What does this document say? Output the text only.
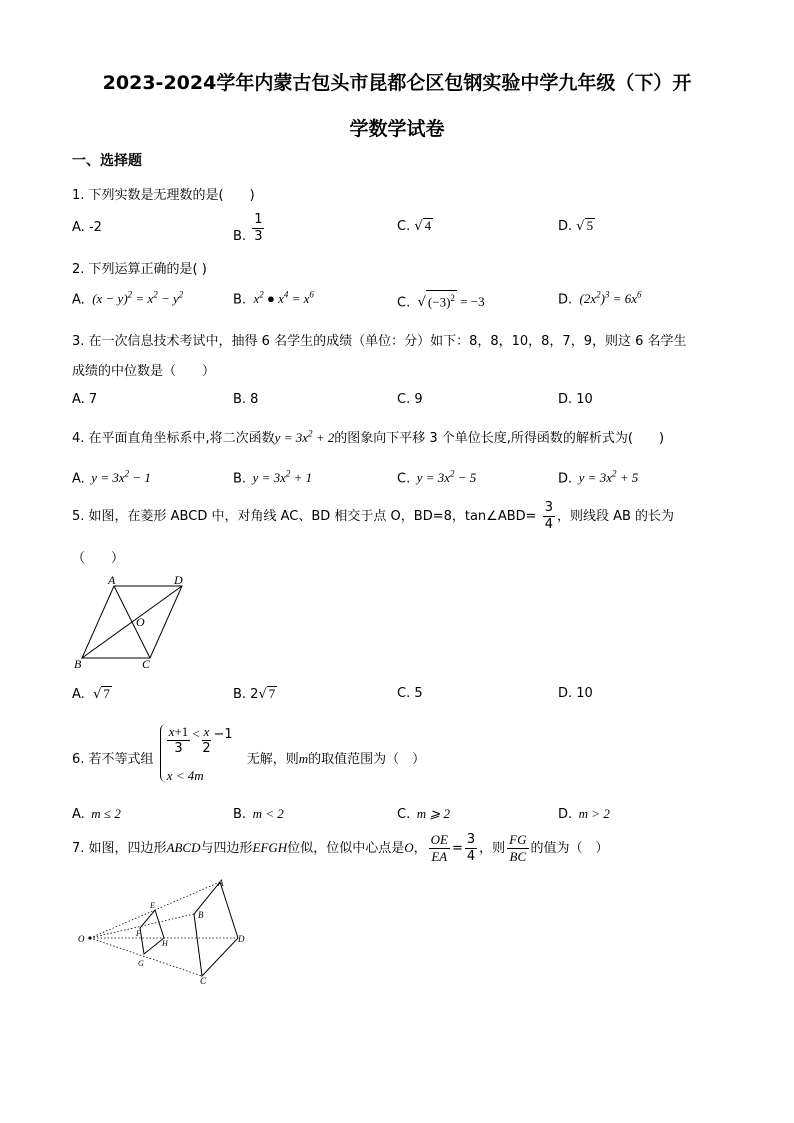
2023-2024学年内蒙古包头市昆都仑区包钢实验中学九年级（下）开
学数学试卷
一、选择题
1. 下列实数是无理数的是(　　)
A. -2
B. $\frac{1}{3}$	C. √ 4	D. √ 5
2. 下列运算正确的是( )
A.  $(x - y)^2 = x^2 - y^2$	B.  $x^2$ ● $x^4 = x^6$
C. √ $(-3)^2 = -3$	D.  $(2x^2)^3 = 6x^6$
3. 在一次信息技术考试中，抽得 6 名学生的成绩（单位：分）如下：8，8，10，8，7，9，则这 6 名学生
成绩的中位数是（　　）
A. 7	B. 8	C. 9	D. 10
4. 在平面直角坐标系中,将二次函数$y = 3x^2 + 2$的图象向下平移 3 个单位长度,所得函数的解析式为(　　)
A.  $y = 3x^2 - 1$	B.  $y = 3x^2 + 1$	C.  $y = 3x^2 - 5$	D.  $y = 3x^2 + 5$
5. 如图，在菱形 ABCD 中，对角线 AC、BD 相交于点 O，BD=8，tan∠ABD= $\frac{3}{4}$ ，则线段 AB 的长为
（　　）
A	D
O
B	C
A.  √ 7	B. 2√ 7	C. 5	D. 10
6. 若不等式组
$\frac{x+1}{3} < \frac{x}{2} -1$
x < 4m
无解，则m的取值范围为（　）
A.  m ≤ 2	B.  m < 2	C.  m ⩾ 2	D.  m > 2
7. 如图，四边形ABCD与四边形EFGH位似，位似中心点是O， $\frac{OE}{EA} = \frac{3}{4}$ ，则 $\frac{FG}{BC}$ 的值为（　）
O
A
B
C
D
E
F
G
H
